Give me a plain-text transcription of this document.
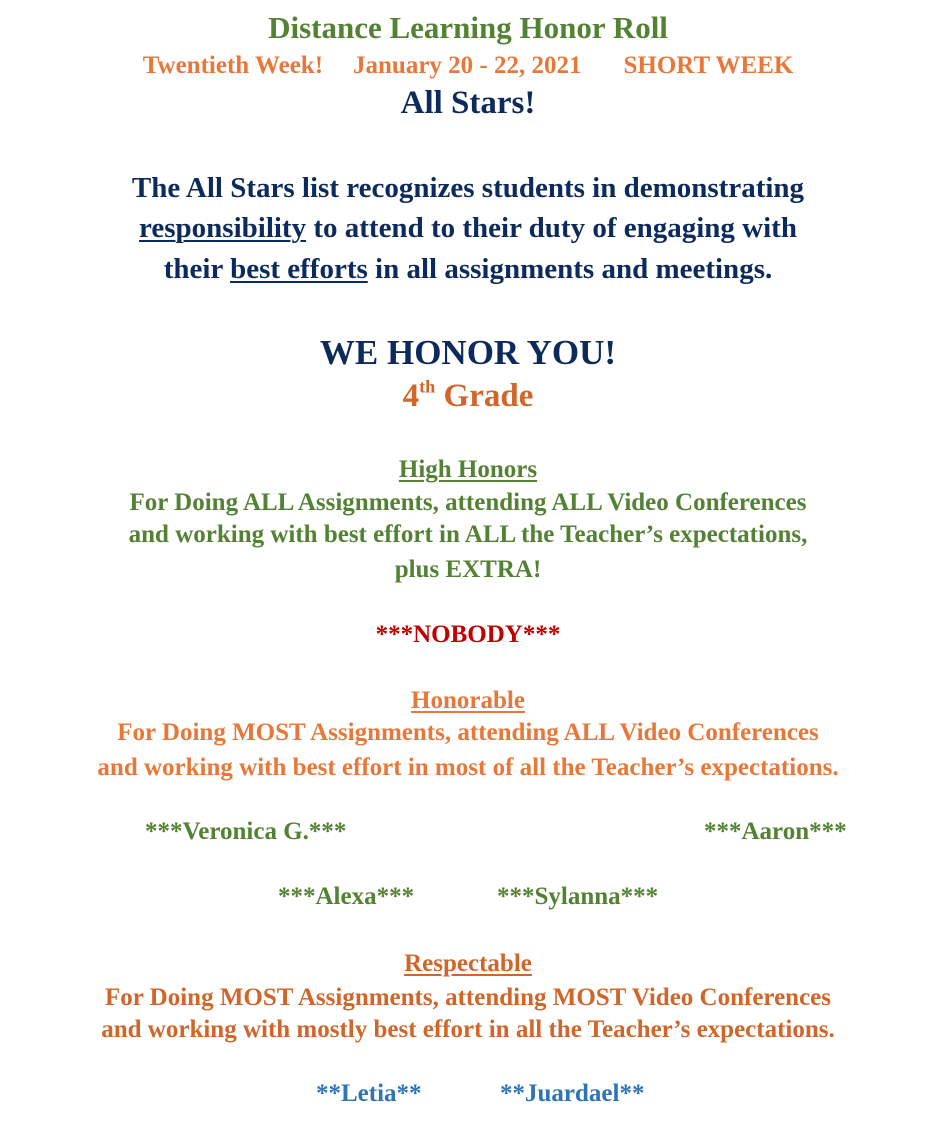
Distance Learning Honor Roll
Twentieth Week! January 20 - 22, 2021 SHORT WEEK
All Stars!
The All Stars list recognizes students in demonstrating
responsibility to attend to their duty of engaging with
their best efforts in all assignments and meetings.
WE HONOR YOU!
4th Grade
High Honors
For Doing ALL Assignments, attending ALL Video Conferences
and working with best effort in ALL the Teacher’s expectations,
plus EXTRA!
***NOBODY***
Honorable
For Doing MOST Assignments, attending ALL Video Conferences
and working with best effort in most of all the Teacher’s expectations.
***Veronica G.***	***Aaron***
***Alexa***	***Sylanna***
Respectable
For Doing MOST Assignments, attending MOST Video Conferences
and working with mostly best effort in all the Teacher’s expectations.
**Letia**	**Juardael**
